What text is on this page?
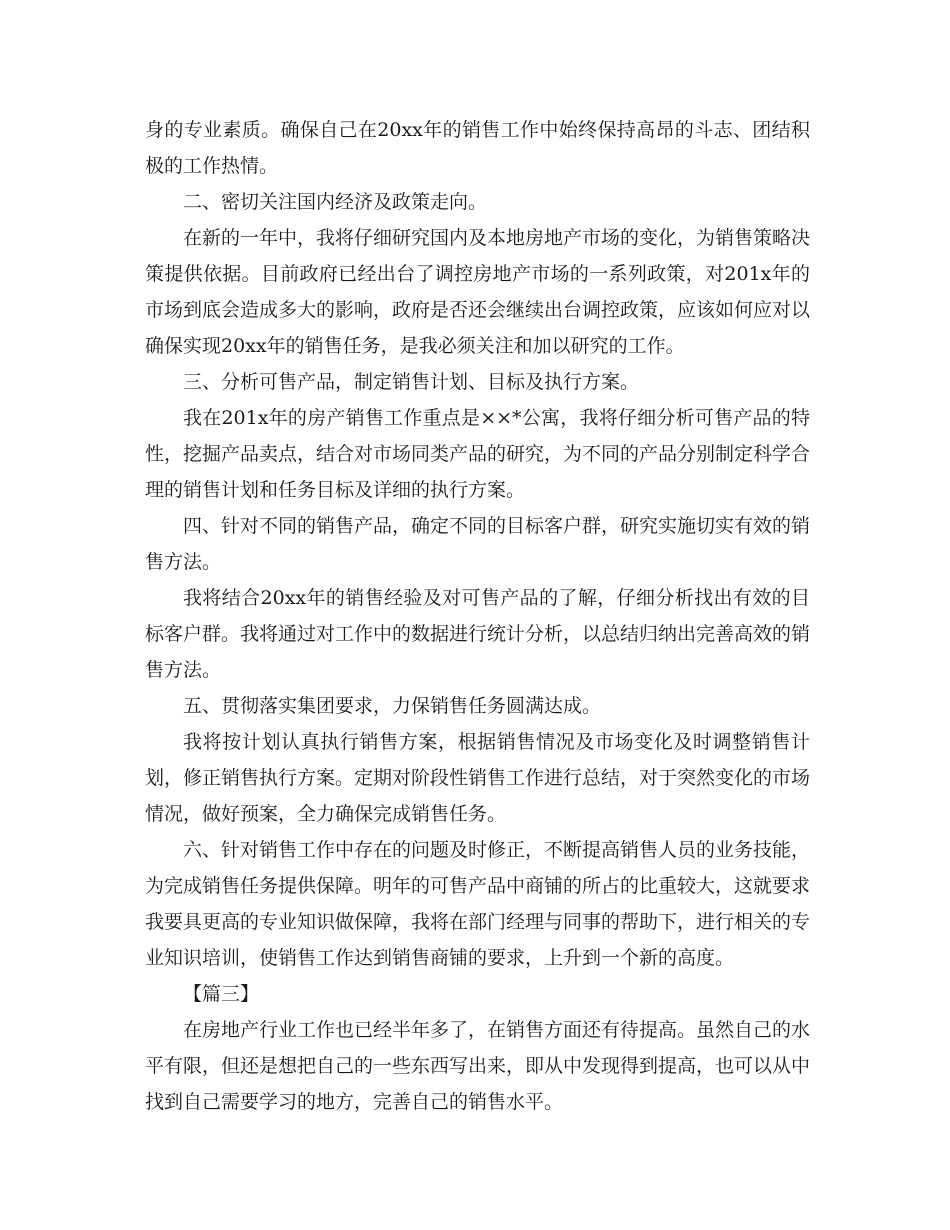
身的专业素质。确保自己在20xx年的销售工作中始终保持高昂的斗志、团结积极的工作热情。

二、密切关注国内经济及政策走向。

在新的一年中，我将仔细研究国内及本地房地产市场的变化，为销售策略决策提供依据。目前政府已经出台了调控房地产市场的一系列政策，对201x年的市场到底会造成多大的影响，政府是否还会继续出台调控政策，应该如何应对以确保实现20xx年的销售任务，是我必须关注和加以研究的工作。

三、分析可售产品，制定销售计划、目标及执行方案。

我在201x年的房产销售工作重点是××*公寓，我将仔细分析可售产品的特性，挖掘产品卖点，结合对市场同类产品的研究，为不同的产品分别制定科学合理的销售计划和任务目标及详细的执行方案。

四、针对不同的销售产品，确定不同的目标客户群，研究实施切实有效的销售方法。

我将结合20xx年的销售经验及对可售产品的了解，仔细分析找出有效的目标客户群。我将通过对工作中的数据进行统计分析，以总结归纳出完善高效的销售方法。

五、贯彻落实集团要求，力保销售任务圆满达成。

我将按计划认真执行销售方案，根据销售情况及市场变化及时调整销售计划，修正销售执行方案。定期对阶段性销售工作进行总结，对于突然变化的市场情况，做好预案，全力确保完成销售任务。

六、针对销售工作中存在的问题及时修正，不断提高销售人员的业务技能，为完成销售任务提供保障。明年的可售产品中商铺的所占的比重较大，这就要求我要具更高的专业知识做保障，我将在部门经理与同事的帮助下，进行相关的专业知识培训，使销售工作达到销售商铺的要求，上升到一个新的高度。

【篇三】

在房地产行业工作也已经半年多了，在销售方面还有待提高。虽然自己的水平有限，但还是想把自己的一些东西写出来，即从中发现得到提高，也可以从中找到自己需要学习的地方，完善自己的销售水平。
